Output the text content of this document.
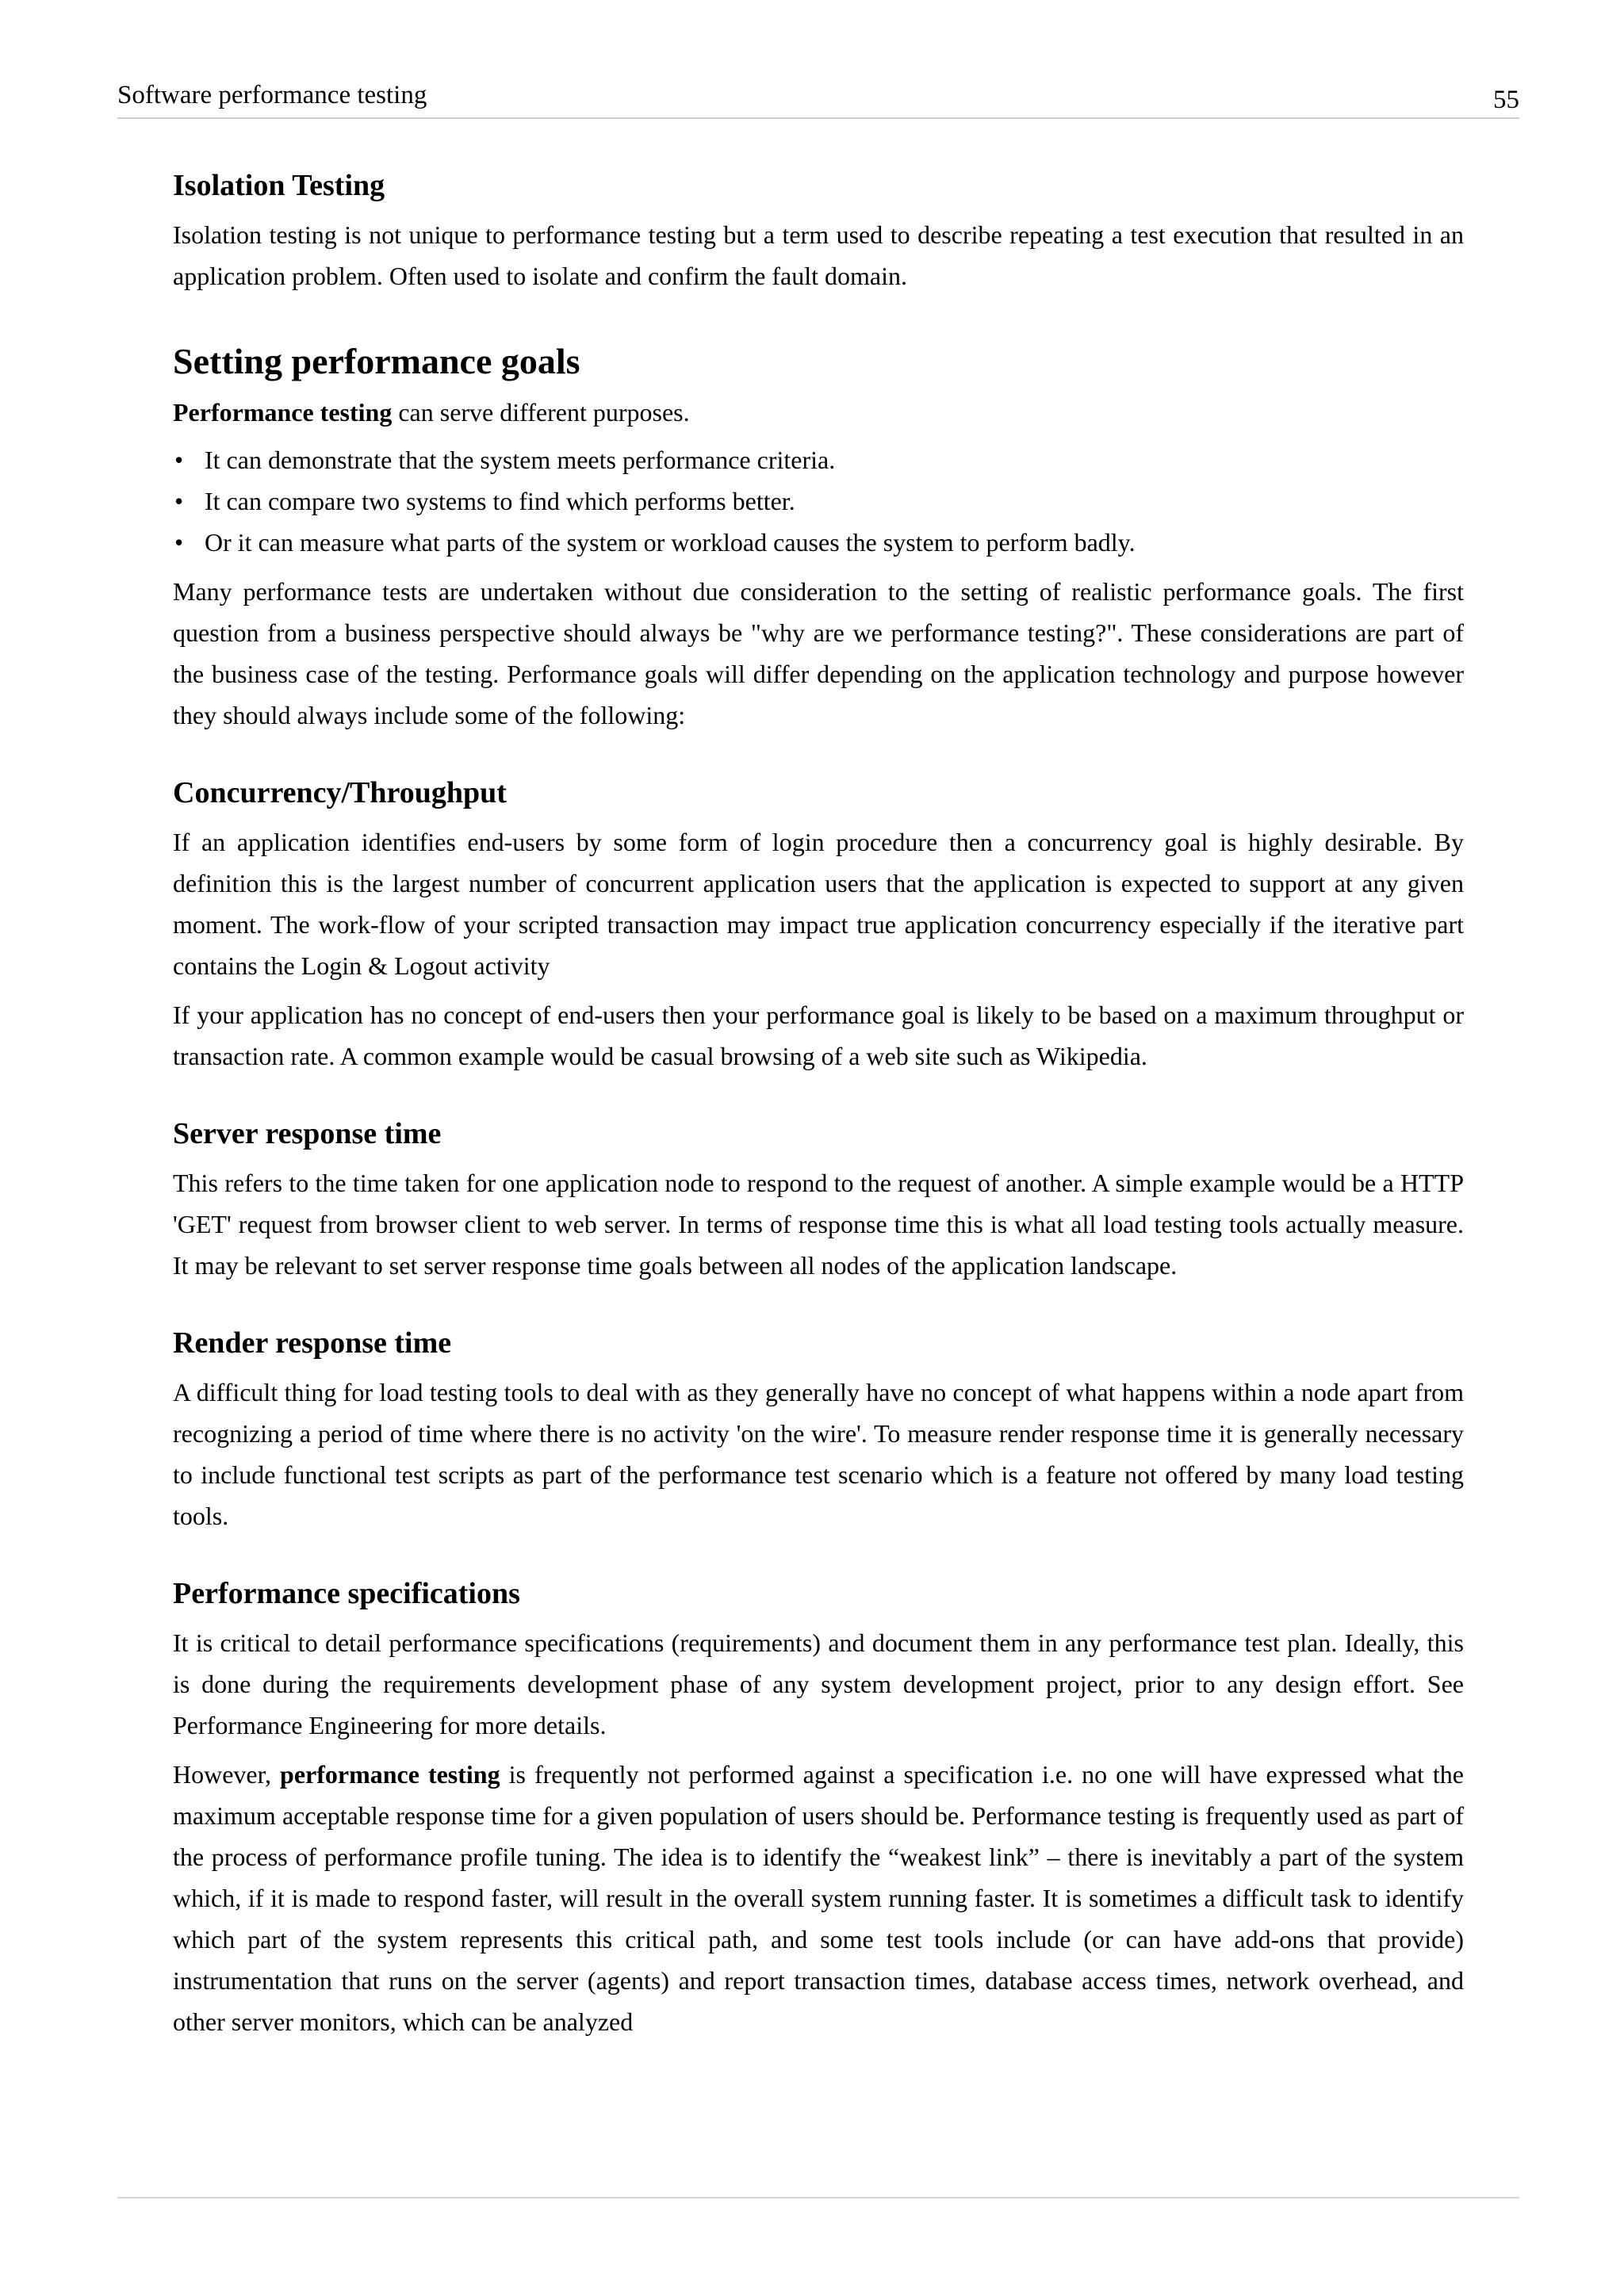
Software performance testing	55
Isolation Testing

Isolation testing is not unique to performance testing but a term used to describe repeating a test execution that resulted in an application problem. Often used to isolate and confirm the fault domain.

Setting performance goals

Performance testing can serve different purposes.

• It can demonstrate that the system meets performance criteria.
• It can compare two systems to find which performs better.
• Or it can measure what parts of the system or workload causes the system to perform badly.

Many performance tests are undertaken without due consideration to the setting of realistic performance goals. The first question from a business perspective should always be "why are we performance testing?". These considerations are part of the business case of the testing. Performance goals will differ depending on the application technology and purpose however they should always include some of the following:

Concurrency/Throughput

If an application identifies end-users by some form of login procedure then a concurrency goal is highly desirable. By definition this is the largest number of concurrent application users that the application is expected to support at any given moment. The work-flow of your scripted transaction may impact true application concurrency especially if the iterative part contains the Login & Logout activity

If your application has no concept of end-users then your performance goal is likely to be based on a maximum throughput or transaction rate. A common example would be casual browsing of a web site such as Wikipedia.

Server response time

This refers to the time taken for one application node to respond to the request of another. A simple example would be a HTTP 'GET' request from browser client to web server. In terms of response time this is what all load testing tools actually measure. It may be relevant to set server response time goals between all nodes of the application landscape.

Render response time

A difficult thing for load testing tools to deal with as they generally have no concept of what happens within a node apart from recognizing a period of time where there is no activity 'on the wire'. To measure render response time it is generally necessary to include functional test scripts as part of the performance test scenario which is a feature not offered by many load testing tools.

Performance specifications

It is critical to detail performance specifications (requirements) and document them in any performance test plan. Ideally, this is done during the requirements development phase of any system development project, prior to any design effort. See Performance Engineering for more details.

However, performance testing is frequently not performed against a specification i.e. no one will have expressed what the maximum acceptable response time for a given population of users should be. Performance testing is frequently used as part of the process of performance profile tuning. The idea is to identify the “weakest link” – there is inevitably a part of the system which, if it is made to respond faster, will result in the overall system running faster. It is sometimes a difficult task to identify which part of the system represents this critical path, and some test tools include (or can have add-ons that provide) instrumentation that runs on the server (agents) and report transaction times, database access times, network overhead, and other server monitors, which can be analyzed
